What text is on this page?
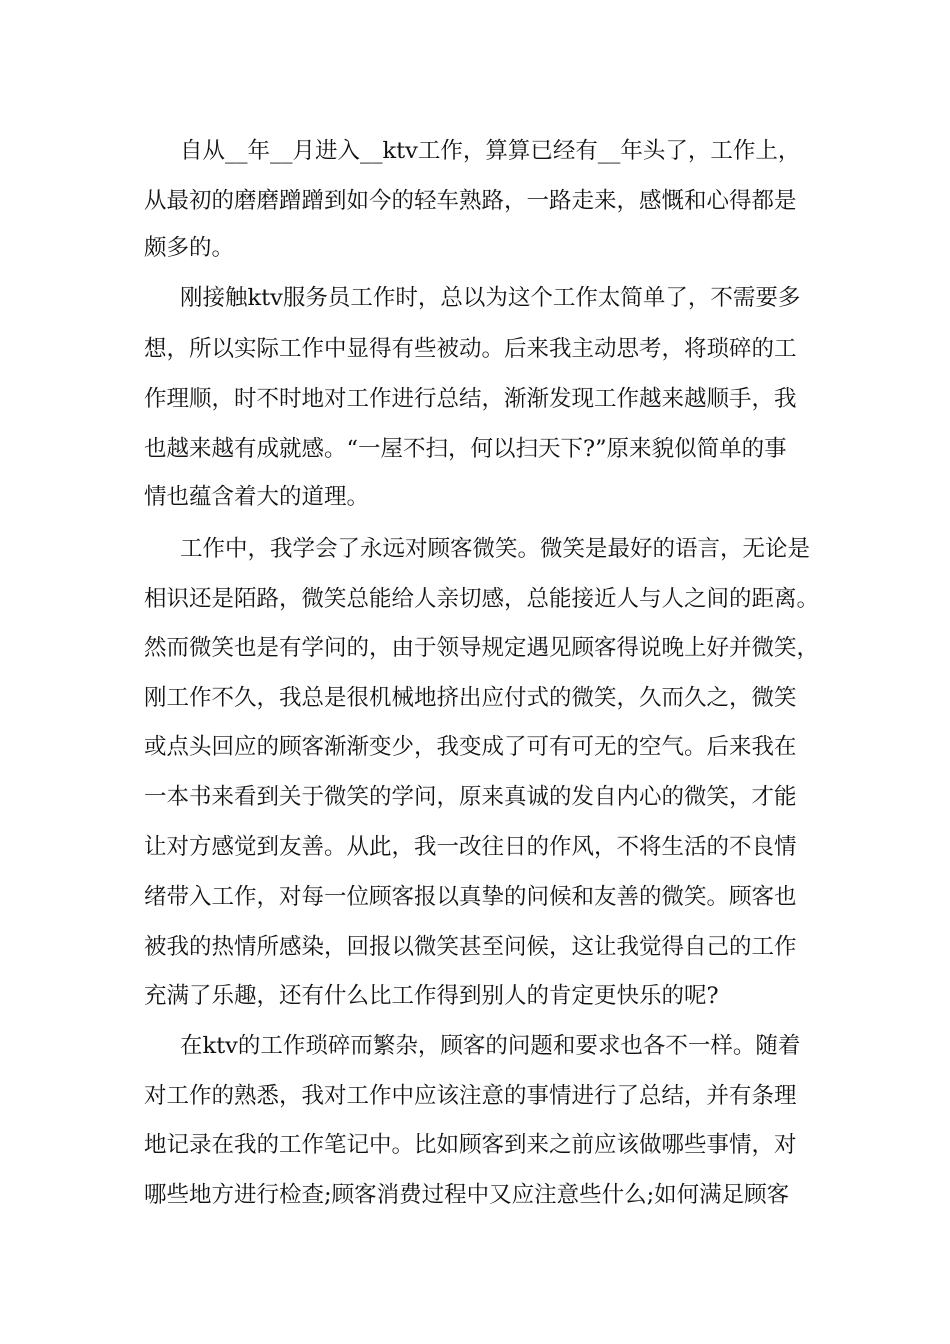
自从__年__月进入__ktv工作，算算已经有__年头了，工作上，
从最初的磨磨蹭蹭到如今的轻车熟路，一路走来，感慨和心得都是
颇多的。
刚接触ktv服务员工作时，总以为这个工作太简单了，不需要多
想，所以实际工作中显得有些被动。后来我主动思考，将琐碎的工
作理顺，时不时地对工作进行总结，渐渐发现工作越来越顺手，我
也越来越有成就感。“一屋不扫，何以扫天下?”原来貌似简单的事
情也蕴含着大的道理。
工作中，我学会了永远对顾客微笑。微笑是最好的语言，无论是
相识还是陌路，微笑总能给人亲切感，总能接近人与人之间的距离。
然而微笑也是有学问的，由于领导规定遇见顾客得说晚上好并微笑，
刚工作不久，我总是很机械地挤出应付式的微笑，久而久之，微笑
或点头回应的顾客渐渐变少，我变成了可有可无的空气。后来我在
一本书来看到关于微笑的学问，原来真诚的发自内心的微笑，才能
让对方感觉到友善。从此，我一改往日的作风，不将生活的不良情
绪带入工作，对每一位顾客报以真挚的问候和友善的微笑。顾客也
被我的热情所感染，回报以微笑甚至问候，这让我觉得自己的工作
充满了乐趣，还有什么比工作得到别人的肯定更快乐的呢?
在ktv的工作琐碎而繁杂，顾客的问题和要求也各不一样。随着
对工作的熟悉，我对工作中应该注意的事情进行了总结，并有条理
地记录在我的工作笔记中。比如顾客到来之前应该做哪些事情，对
哪些地方进行检查;顾客消费过程中又应注意些什么;如何满足顾客
